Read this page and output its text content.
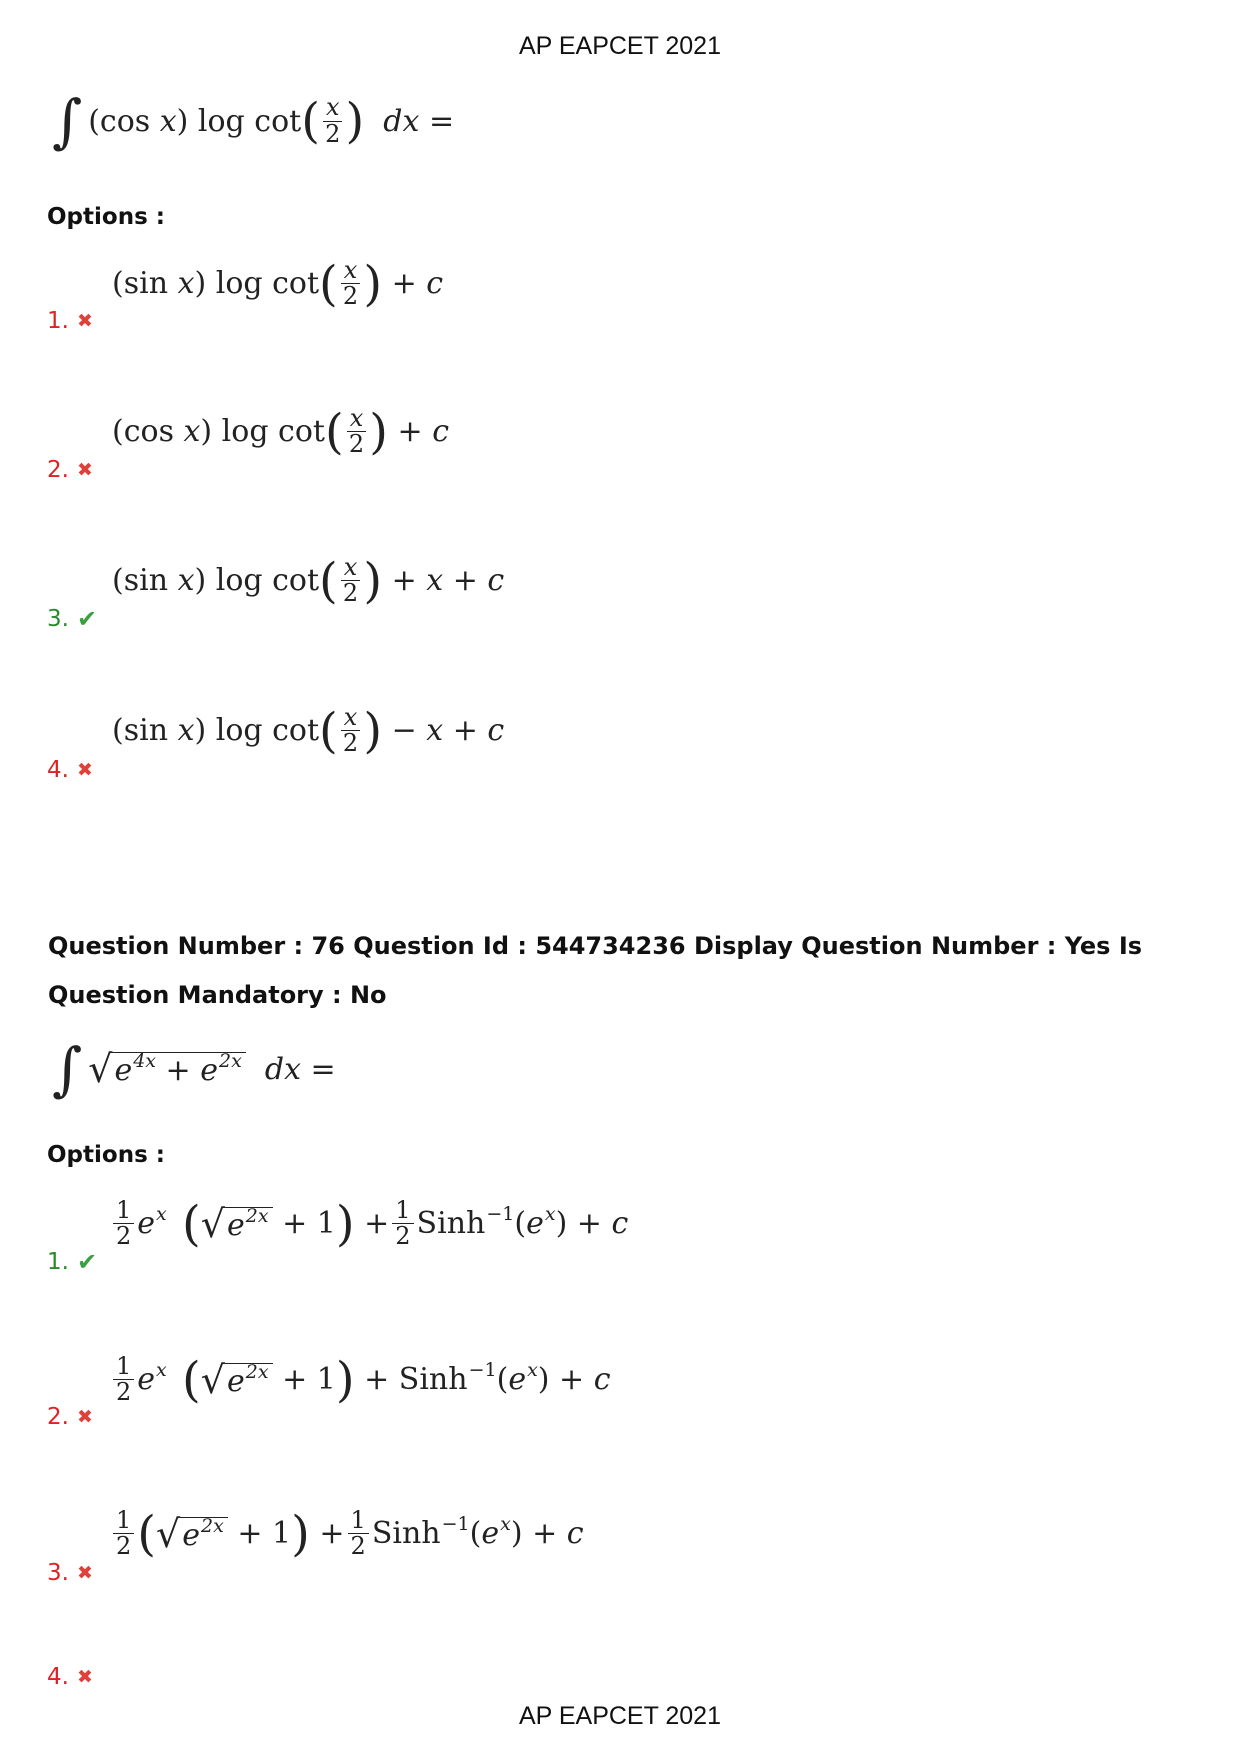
AP EAPCET 2021
∫ (cos x) log cot ( $\frac{x}{2}$ ) dx =
Options :
(sin x) log cot ( $\frac{x}{2}$ ) + c
1. ✖
(cos x) log cot ( $\frac{x}{2}$ ) + c
2. ✖
(sin x) log cot ( $\frac{x}{2}$ ) + x + c
3. ✔
(sin x) log cot ( $\frac{x}{2}$ ) − x + c
4. ✖
Question Number : 76 Question Id : 544734236 Display Question Number : Yes Is Question Mandatory : No
∫ √ $e^{4x} + e^{2x}$ dx =
Options :
$\frac{1}{2} e^x$ ( √ $e^{2x} + 1$ ) + $\frac{1}{2}$ $Sinh^{-1}(e^x) + c$
1. ✔
$\frac{1}{2} e^x$ ( √ $e^{2x} + 1$ ) + $Sinh^{-1}(e^x) + c$
2. ✖
$\frac{1}{2}$ ( √ $e^{2x} + 1$ ) + $\frac{1}{2}$ $Sinh^{-1}(e^x) + c$
3. ✖
4. ✖
AP EAPCET 2021
